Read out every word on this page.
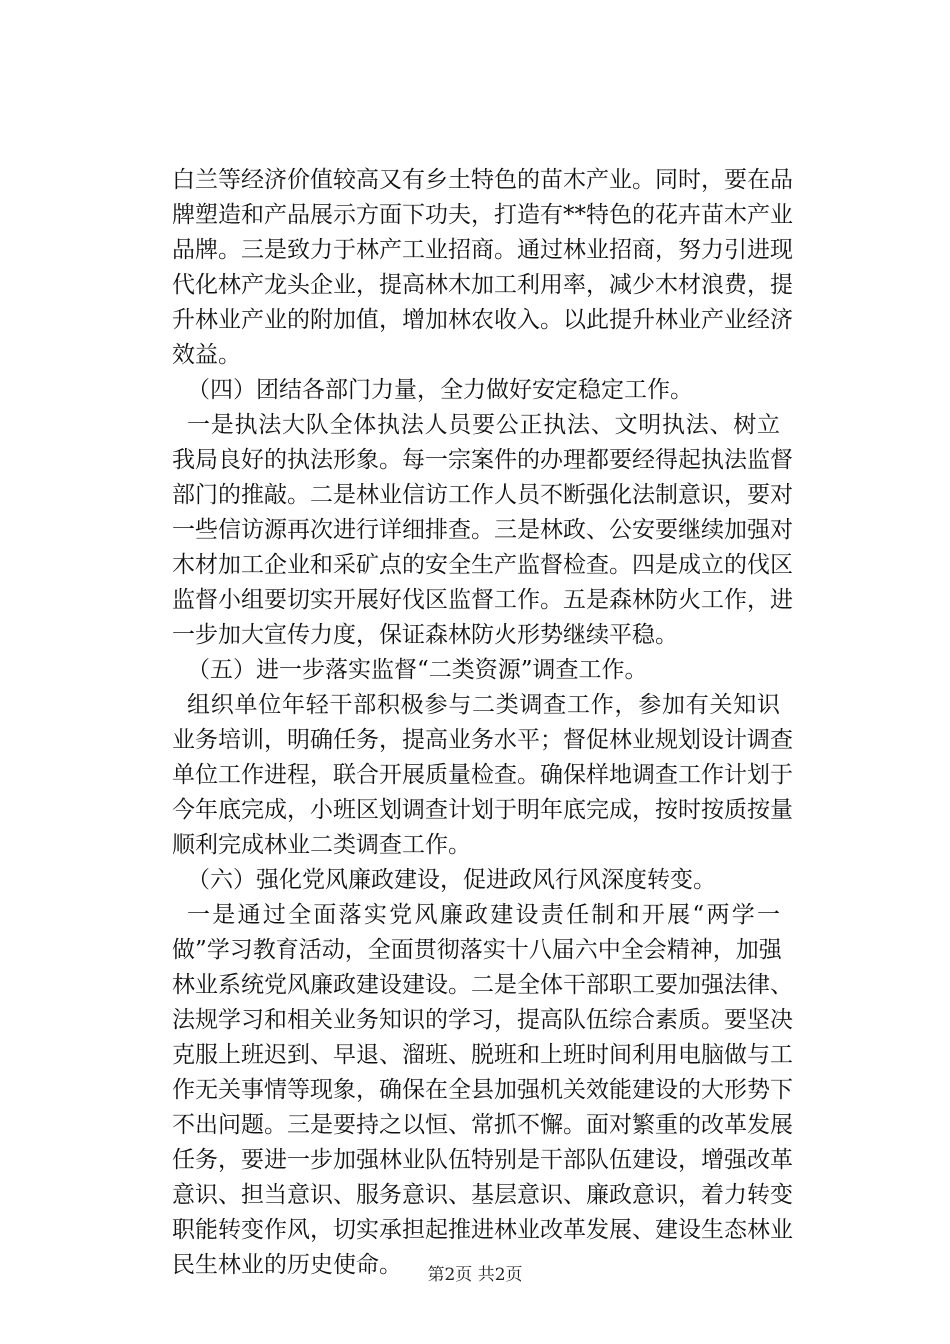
白兰等经济价值较高又有乡土特色的苗木产业。同时，要在品
牌塑造和产品展示方面下功夫，打造有**特色的花卉苗木产业
品牌。三是致力于林产工业招商。通过林业招商，努力引进现
代化林产龙头企业，提高林木加工利用率，减少木材浪费，提
升林业产业的附加值，增加林农收入。以此提升林业产业经济
效益。
（四）团结各部门力量，全力做好安定稳定工作。
一是执法大队全体执法人员要公正执法、文明执法、树立
我局良好的执法形象。每一宗案件的办理都要经得起执法监督
部门的推敲。二是林业信访工作人员不断强化法制意识，要对
一些信访源再次进行详细排查。三是林政、公安要继续加强对
木材加工企业和采矿点的安全生产监督检查。四是成立的伐区
监督小组要切实开展好伐区监督工作。五是森林防火工作，进
一步加大宣传力度，保证森林防火形势继续平稳。
（五）进一步落实监督“二类资源”调查工作。
组织单位年轻干部积极参与二类调查工作，参加有关知识
业务培训，明确任务，提高业务水平；督促林业规划设计调查
单位工作进程，联合开展质量检查。确保样地调查工作计划于
今年底完成，小班区划调查计划于明年底完成，按时按质按量
顺利完成林业二类调查工作。
（六）强化党风廉政建设，促进政风行风深度转变。
一是通过全面落实党风廉政建设责任制和开展“两学一
做”学习教育活动，全面贯彻落实十八届六中全会精神，加强
林业系统党风廉政建设建设。二是全体干部职工要加强法律、
法规学习和相关业务知识的学习，提高队伍综合素质。要坚决
克服上班迟到、早退、溜班、脱班和上班时间利用电脑做与工
作无关事情等现象，确保在全县加强机关效能建设的大形势下
不出问题。三是要持之以恒、常抓不懈。面对繁重的改革发展
任务，要进一步加强林业队伍特别是干部队伍建设，增强改革
意识、担当意识、服务意识、基层意识、廉政意识，着力转变
职能转变作风，切实承担起推进林业改革发展、建设生态林业
民生林业的历史使命。	第2页 共2页
